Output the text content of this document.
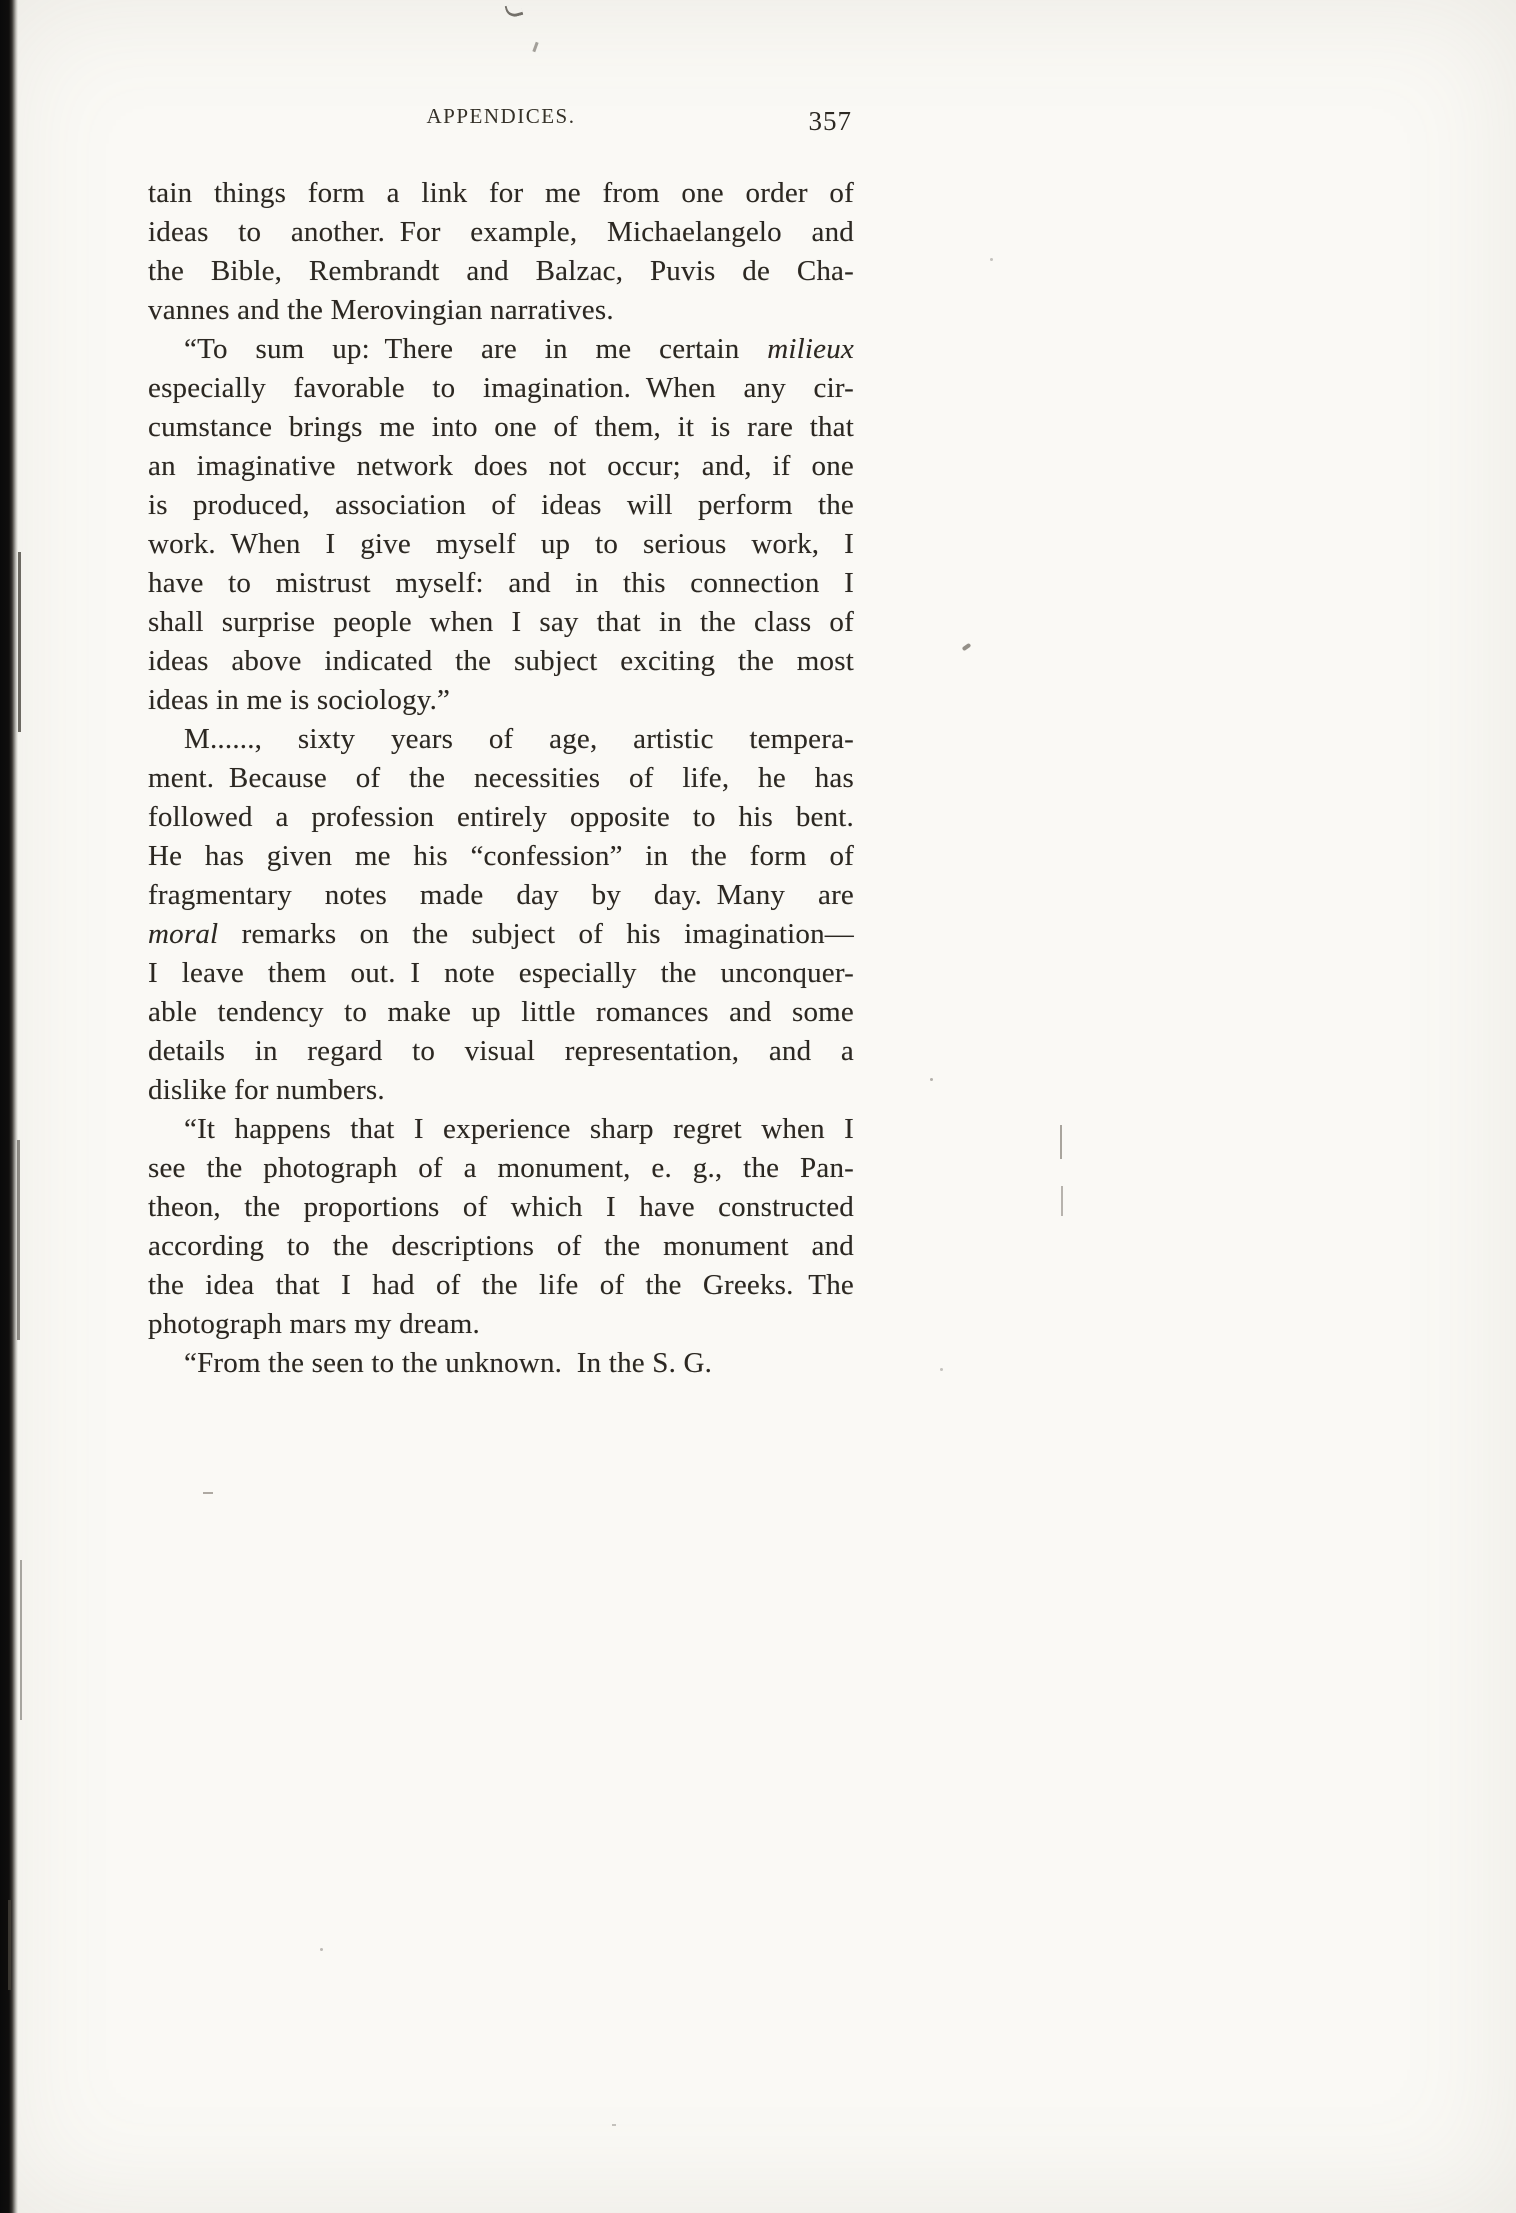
APPENDICES.	357
tain things form a link for me from one order of
ideas to another. For example, Michaelangelo and
the Bible, Rembrandt and Balzac, Puvis de Cha-
vannes and the Merovingian narratives.
“To sum up: There are in me certain milieux
especially favorable to imagination. When any cir-
cumstance brings me into one of them, it is rare that
an imaginative network does not occur; and, if one
is produced, association of ideas will perform the
work. When I give myself up to serious work, I
have to mistrust myself: and in this connection I
shall surprise people when I say that in the class of
ideas above indicated the subject exciting the most
ideas in me is sociology.”
M......, sixty years of age, artistic tempera-
ment. Because of the necessities of life, he has
followed a profession entirely opposite to his bent.
He has given me his “confession” in the form of
fragmentary notes made day by day. Many are
moral remarks on the subject of his imagination—
I leave them out. I note especially the unconquer-
able tendency to make up little romances and some
details in regard to visual representation, and a
dislike for numbers.
“It happens that I experience sharp regret when I
see the photograph of a monument, e. g., the Pan-
theon, the proportions of which I have constructed
according to the descriptions of the monument and
the idea that I had of the life of the Greeks. The
photograph mars my dream.
“From the seen to the unknown. In the S. G.
